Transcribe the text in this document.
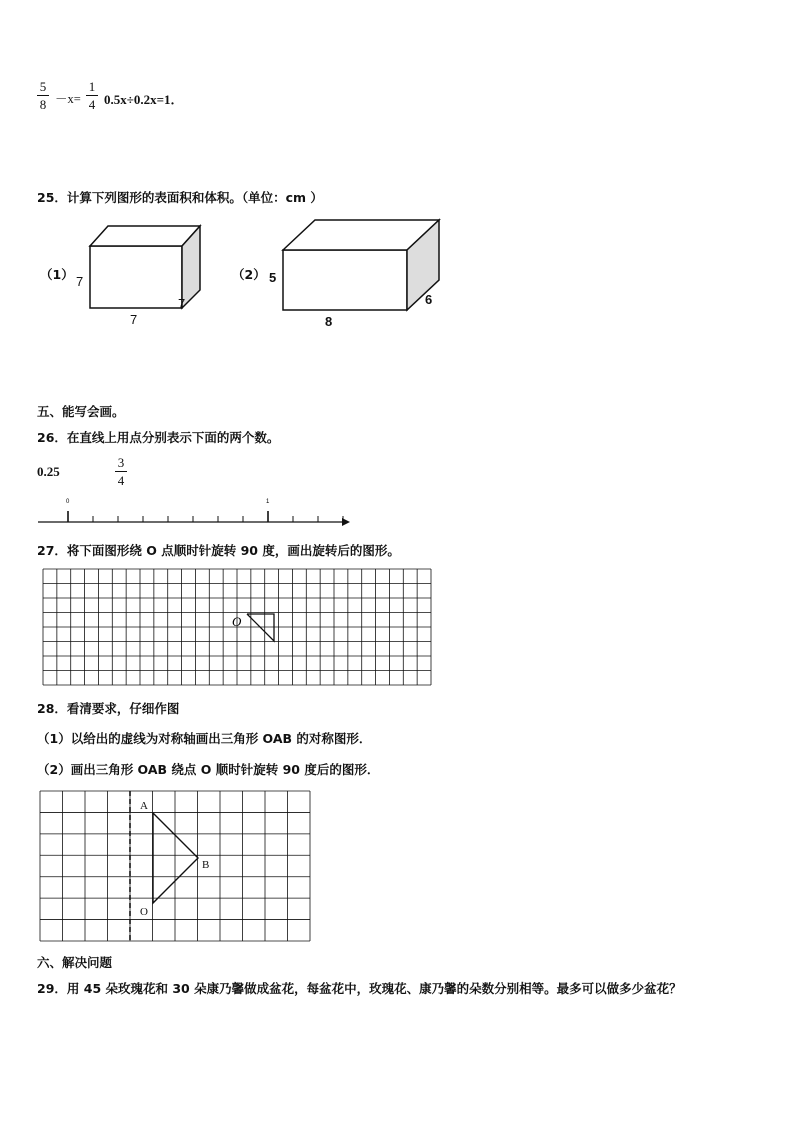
5
8 －x=
1
4 0.5x÷0.2x=1．
25．计算下列图形的表面积和体积。（单位：cm ）
（1） 7
7
7
（2） 5
8
6
五、能写会画。
26．在直线上用点分别表示下面的两个数。
0.25
3
4
0	1
27．将下面图形绕 O 点顺时针旋转 90 度，画出旋转后的图形。
O
28．看清要求，仔细作图
（1）以给出的虚线为对称轴画出三角形 OAB 的对称图形．
（2）画出三角形 OAB 绕点 O 顺时针旋转 90 度后的图形．
A
B
O
六、解决问题
29．用 45 朵玫瑰花和 30 朵康乃馨做成盆花，每盆花中，玫瑰花、康乃馨的朵数分别相等。最多可以做多少盆花？
